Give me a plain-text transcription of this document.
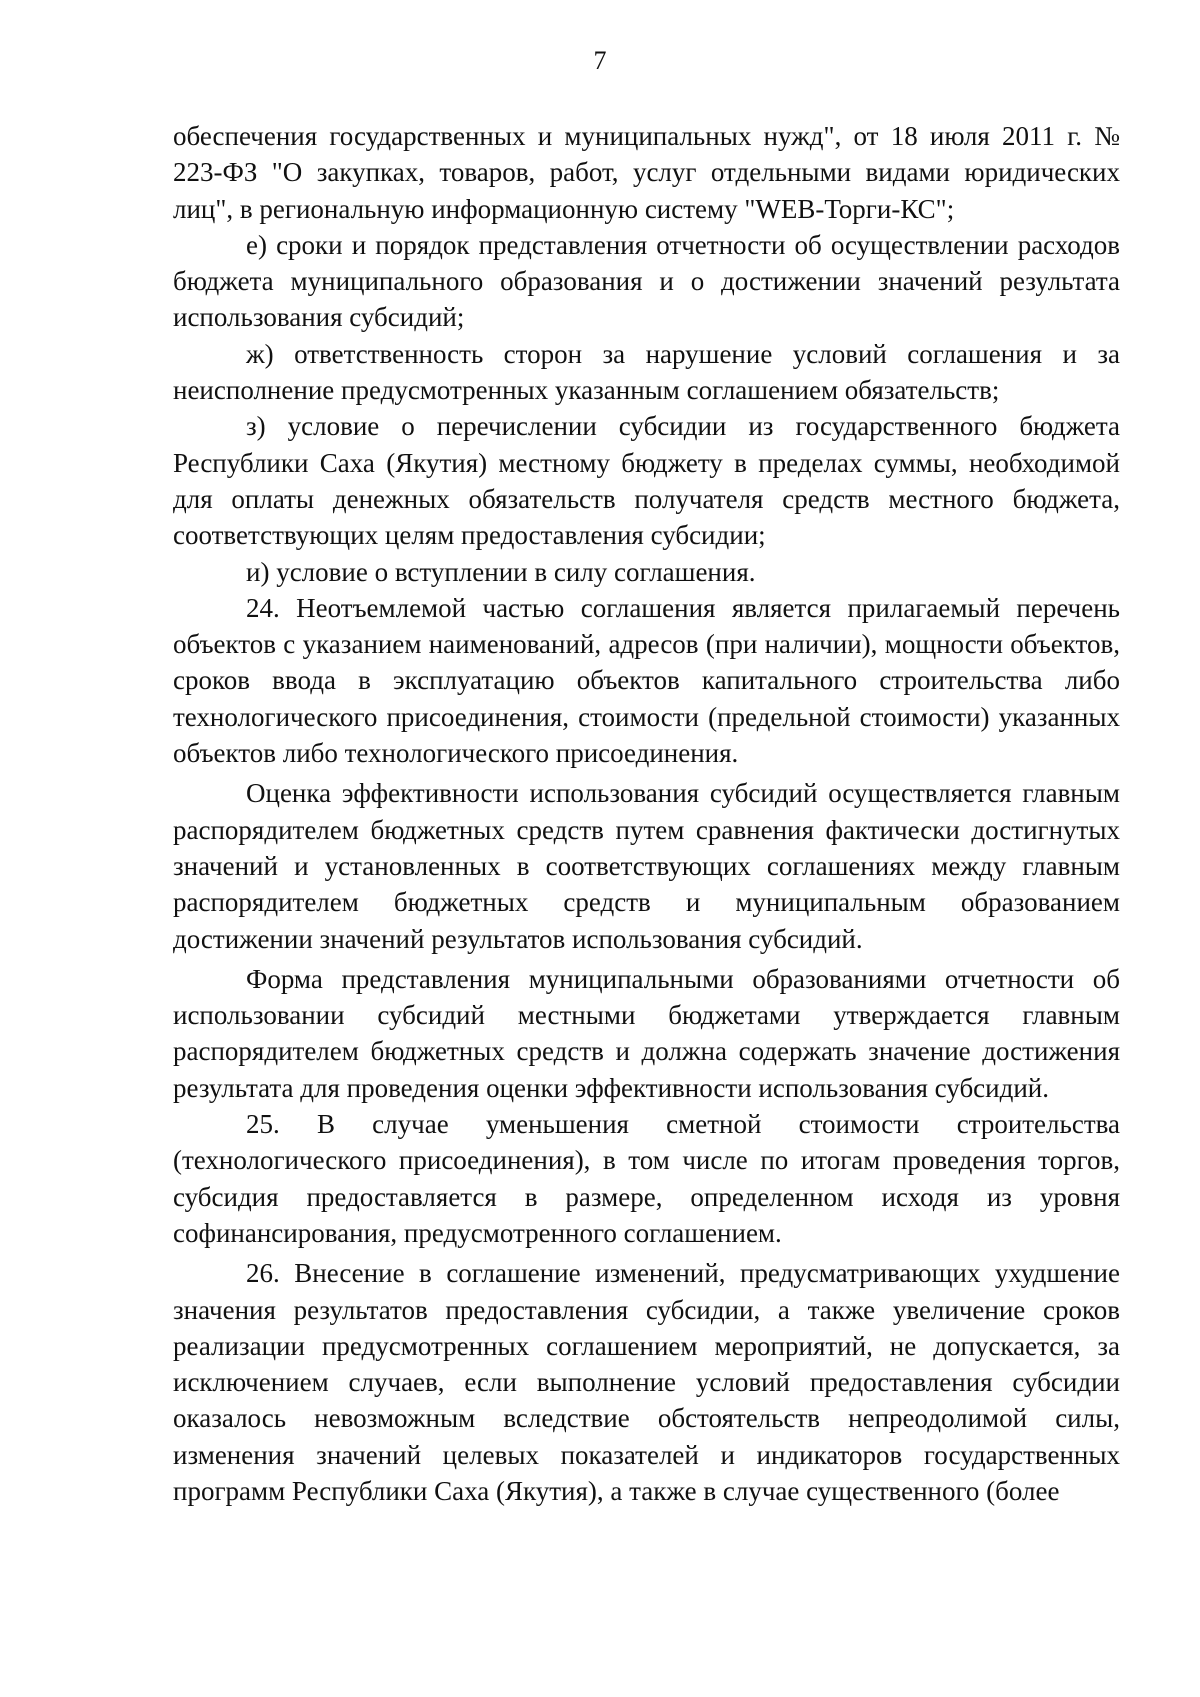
7

обеспечения государственных и муниципальных нужд", от 18 июля 2011 г. № 223-ФЗ "О закупках, товаров, работ, услуг отдельными видами юридических лиц", в региональную информационную систему "WEB-Торги-КС";

е) сроки и порядок представления отчетности об осуществлении расходов бюджета муниципального образования и о достижении значений результата использования субсидий;

ж) ответственность сторон за нарушение условий соглашения и за неисполнение предусмотренных указанным соглашением обязательств;

з) условие о перечислении субсидии из государственного бюджета Республики Саха (Якутия) местному бюджету в пределах суммы, необходимой для оплаты денежных обязательств получателя средств местного бюджета, соответствующих целям предоставления субсидии;

и) условие о вступлении в силу соглашения.

24. Неотъемлемой частью соглашения является прилагаемый перечень объектов с указанием наименований, адресов (при наличии), мощности объектов, сроков ввода в эксплуатацию объектов капитального строительства либо технологического присоединения, стоимости (предельной стоимости) указанных объектов либо технологического присоединения.

Оценка эффективности использования субсидий осуществляется главным распорядителем бюджетных средств путем сравнения фактически достигнутых значений и установленных в соответствующих соглашениях между главным распорядителем бюджетных средств и муниципальным образованием достижении значений результатов использования субсидий.

Форма представления муниципальными образованиями отчетности об использовании субсидий местными бюджетами утверждается главным распорядителем бюджетных средств и должна содержать значение достижения результата для проведения оценки эффективности использования субсидий.

25. В случае уменьшения сметной стоимости строительства (технологического присоединения), в том числе по итогам проведения торгов, субсидия предоставляется в размере, определенном исходя из уровня софинансирования, предусмотренного соглашением.

26. Внесение в соглашение изменений, предусматривающих ухудшение значения результатов предоставления субсидии, а также увеличение сроков реализации предусмотренных соглашением мероприятий, не допускается, за исключением случаев, если выполнение условий предоставления субсидии оказалось невозможным вследствие обстоятельств непреодолимой силы, изменения значений целевых показателей и индикаторов государственных программ Республики Саха (Якутия), а также в случае существенного (более
